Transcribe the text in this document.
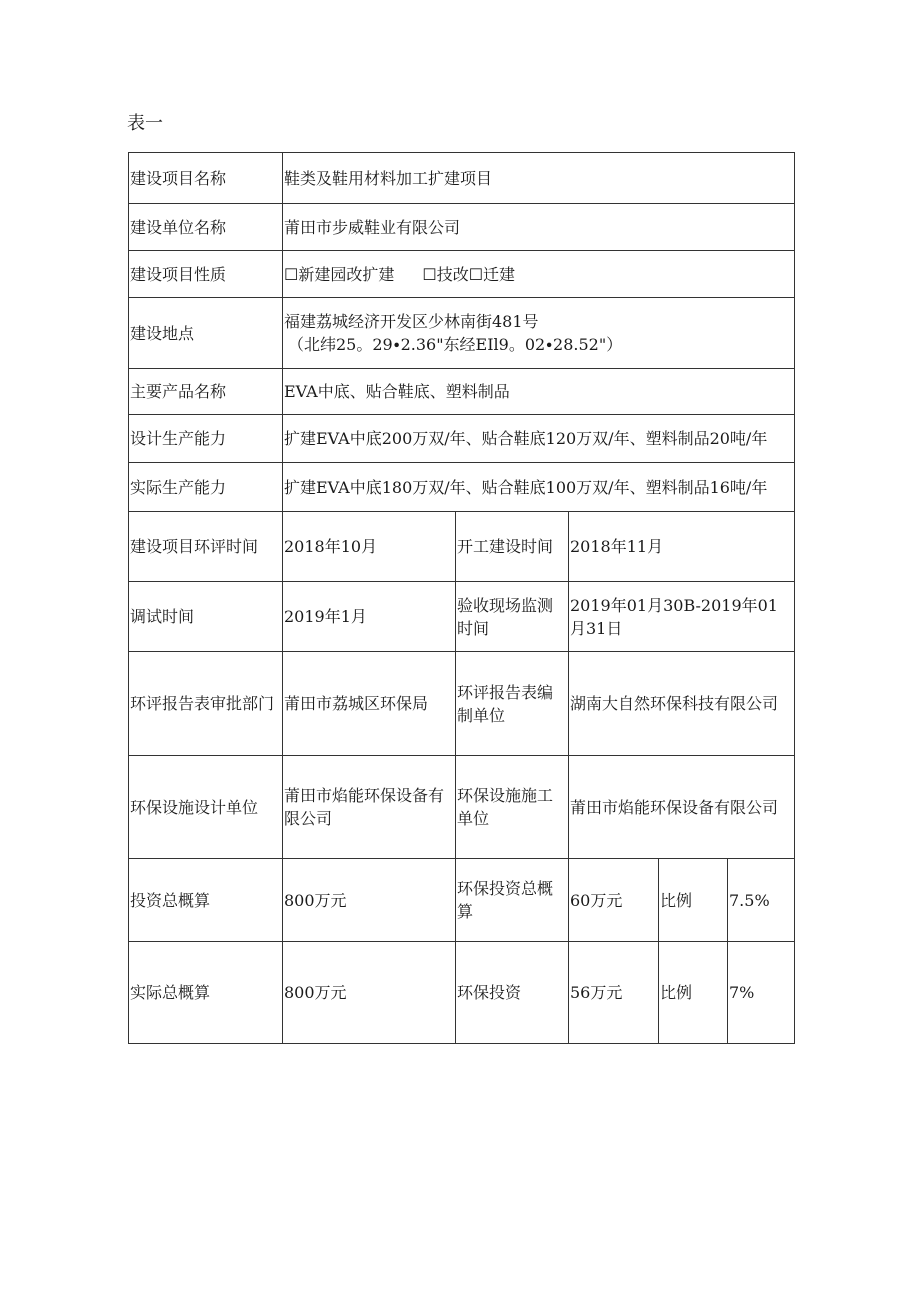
表一
建设项目名称	鞋类及鞋用材料加工扩建项目				
建设单位名称	莆田市步威鞋业有限公司				
建设项目性质	☐新建园改扩建 ☐技改☐迁建				
建设地点	福建荔城经济开发区少林南街481号
（北纬25。29∙2.36"东经EIl9。02∙28.52"）				

主要产品名称	EVA中底、贴合鞋底、塑料制品				
设计生产能力	扩建EVA中底200万双/年、贴合鞋底120万双/年、塑料制品20吨/年				
实际生产能力	扩建EVA中底180万双/年、贴合鞋底100万双/年、塑料制品16吨/年				
建设项目环评时间	2018年10月	开工建设时间	2018年11月		
调试时间	2019年1月	验收现场监测时间	2019年01月30B-2019年01月31日		
环评报告表审批部门	莆田市荔城区环保局	环评报告表编制单位	湖南大自然环保科技有限公司		
环保设施设计单位	莆田市焰能环保设备有限公司	环保设施施工单位	莆田市焰能环保设备有限公司		
投资总概算	800万元	环保投资总概算	60万元	比例	7.5%
实际总概算	800万元	环保投资	56万元	比例	7%
